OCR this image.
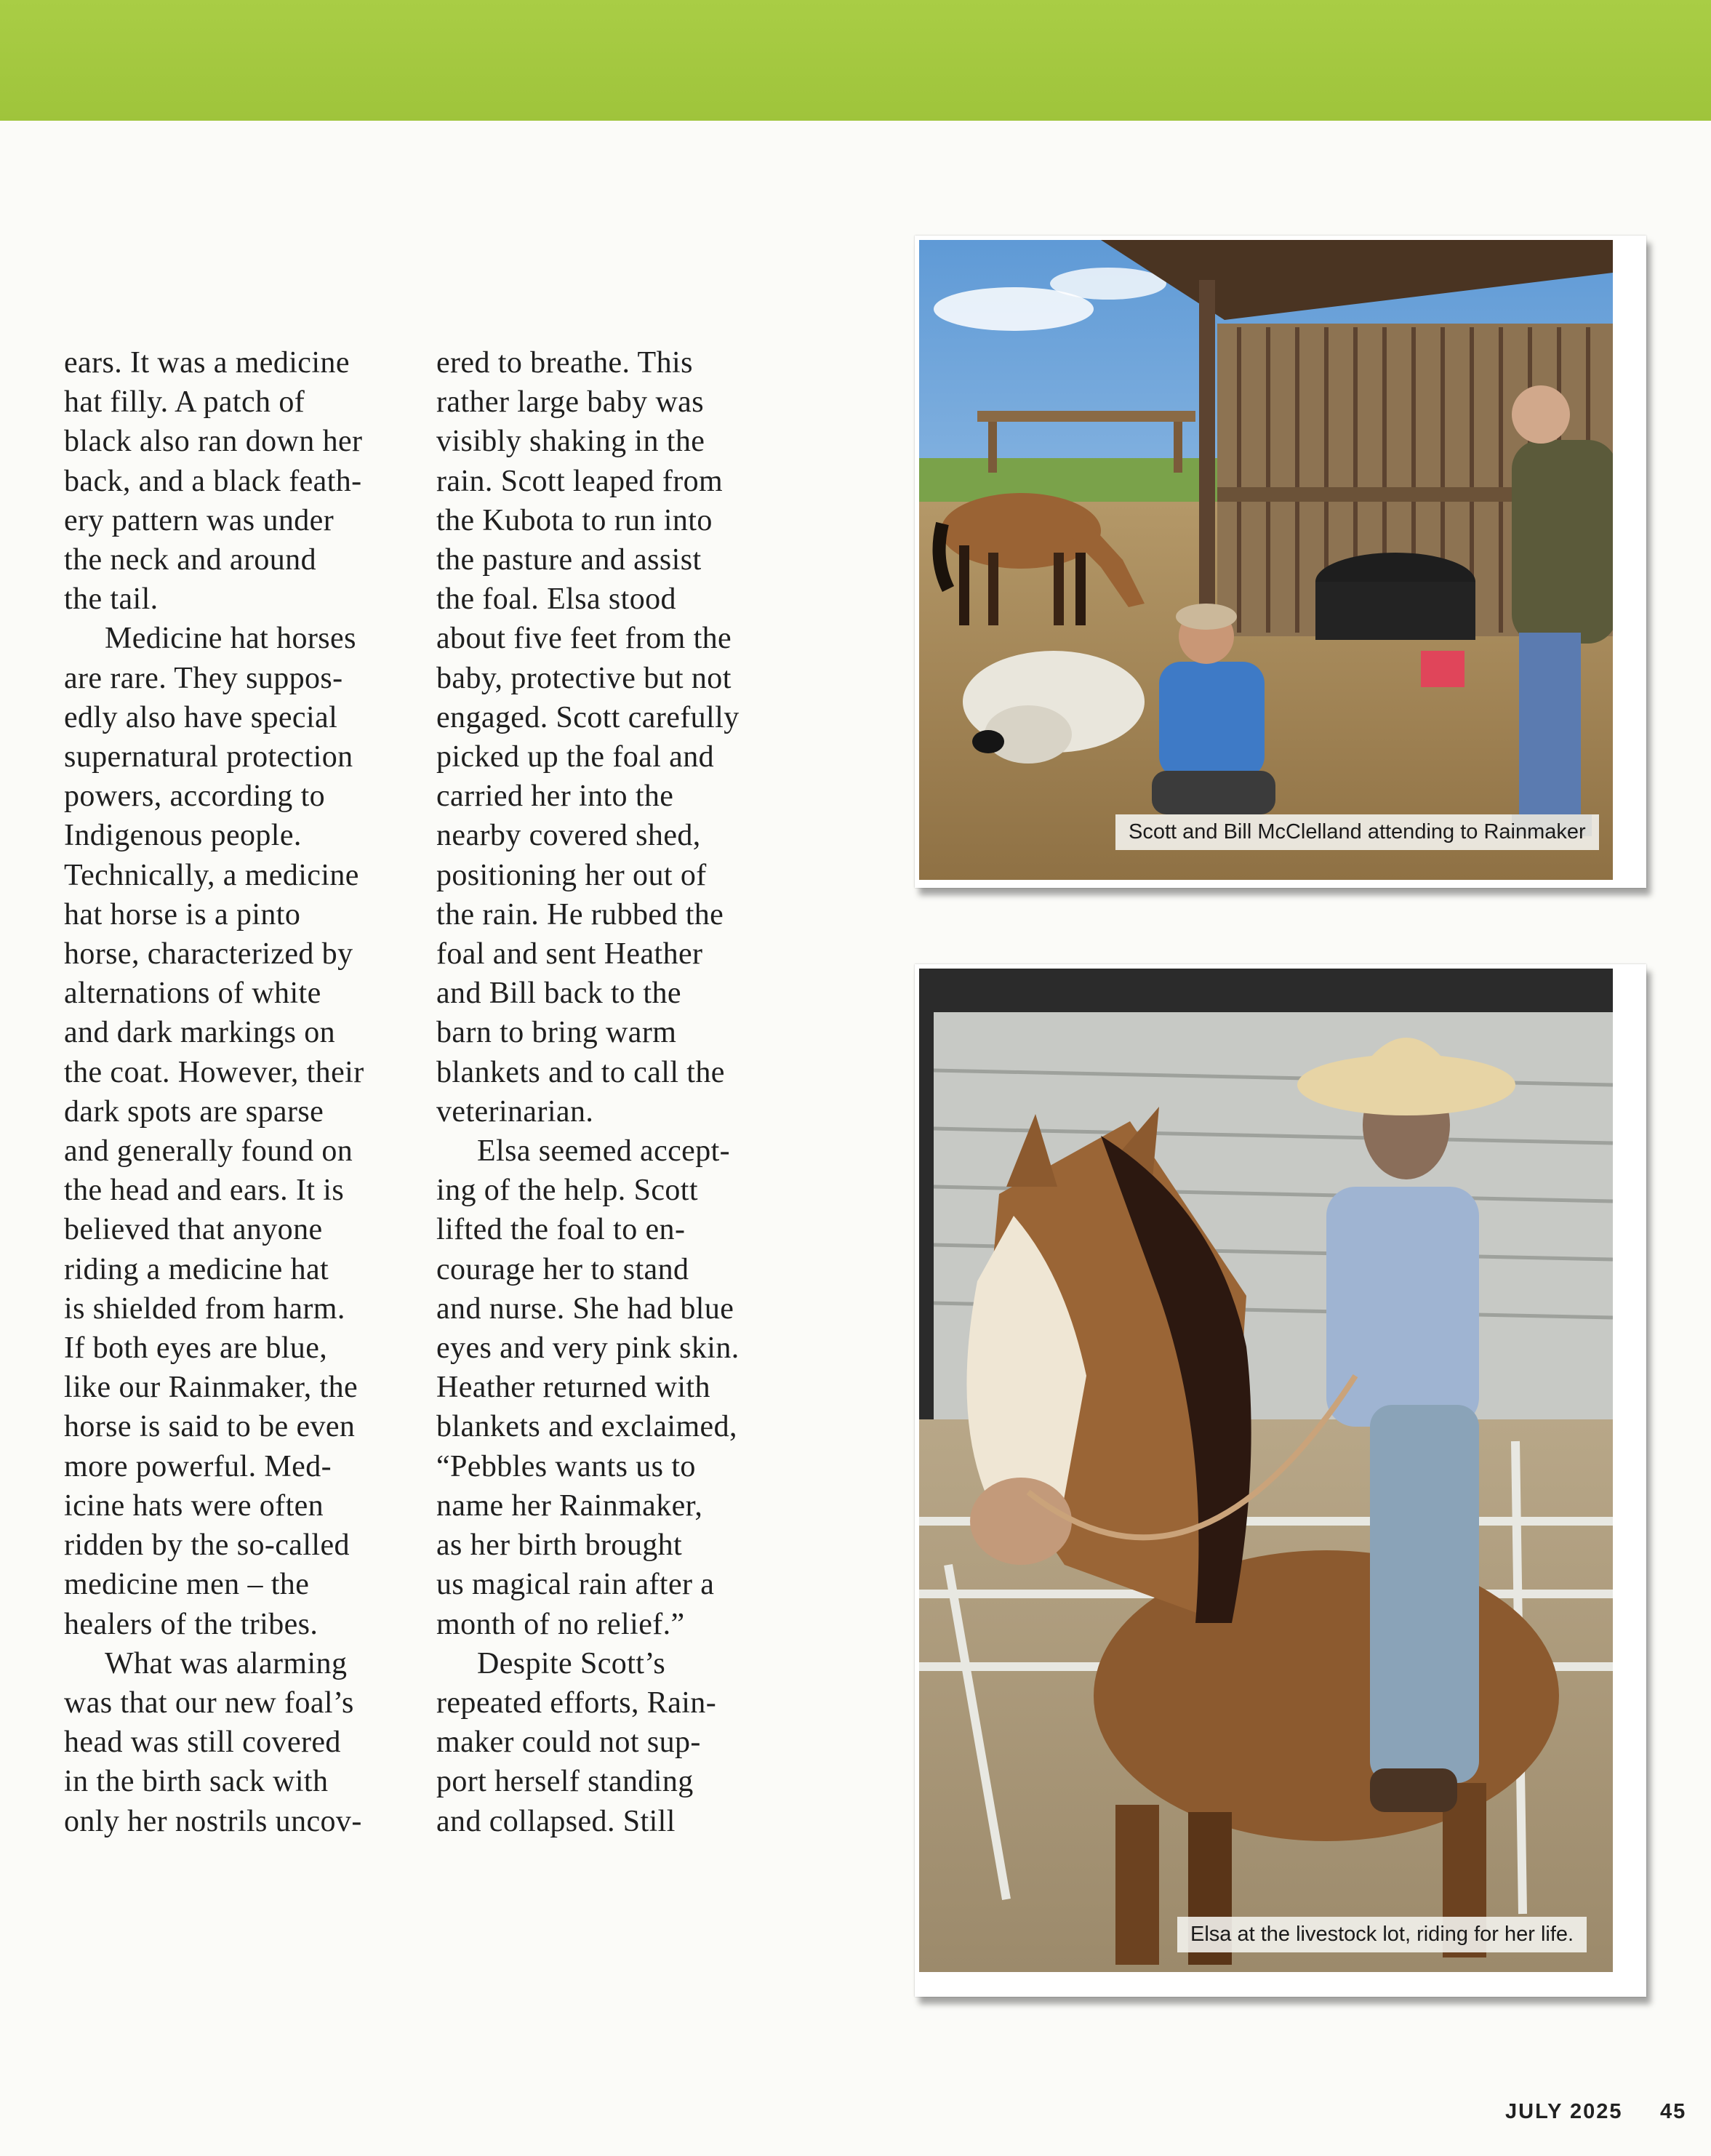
ears. It was a medicine
hat filly. A patch of
black also ran down her
back, and a black feath-
ery pattern was under
the neck and around
the tail.
Medicine hat horses
are rare. They suppos-
edly also have special
supernatural protection
powers, according to
Indigenous people.
Technically, a medicine
hat horse is a pinto
horse, characterized by
alternations of white
and dark markings on
the coat. However, their
dark spots are sparse
and generally found on
the head and ears. It is
believed that anyone
riding a medicine hat
is shielded from harm.
If both eyes are blue,
like our Rainmaker, the
horse is said to be even
more powerful. Med-
icine hats were often
ridden by the so-called
medicine men – the
healers of the tribes.
What was alarming
was that our new foal’s
head was still covered
in the birth sack with
only her nostrils uncov-
ered to breathe. This
rather large baby was
visibly shaking in the
rain. Scott leaped from
the Kubota to run into
the pasture and assist
the foal. Elsa stood
about five feet from the
baby, protective but not
engaged. Scott carefully
picked up the foal and
carried her into the
nearby covered shed,
positioning her out of
the rain. He rubbed the
foal and sent Heather
and Bill back to the
barn to bring warm
blankets and to call the
veterinarian.
Elsa seemed accept-
ing of the help. Scott
lifted the foal to en-
courage her to stand
and nurse. She had blue
eyes and very pink skin.
Heather returned with
blankets and exclaimed,
“Pebbles wants us to
name her Rainmaker,
as her birth brought
us magical rain after a
month of no relief.”
Despite Scott’s
repeated efforts, Rain-
maker could not sup-
port herself standing
and collapsed. Still
Scott and Bill McClelland attending to Rainmaker
Elsa at the livestock lot, riding for her life.
JULY 2025 45
